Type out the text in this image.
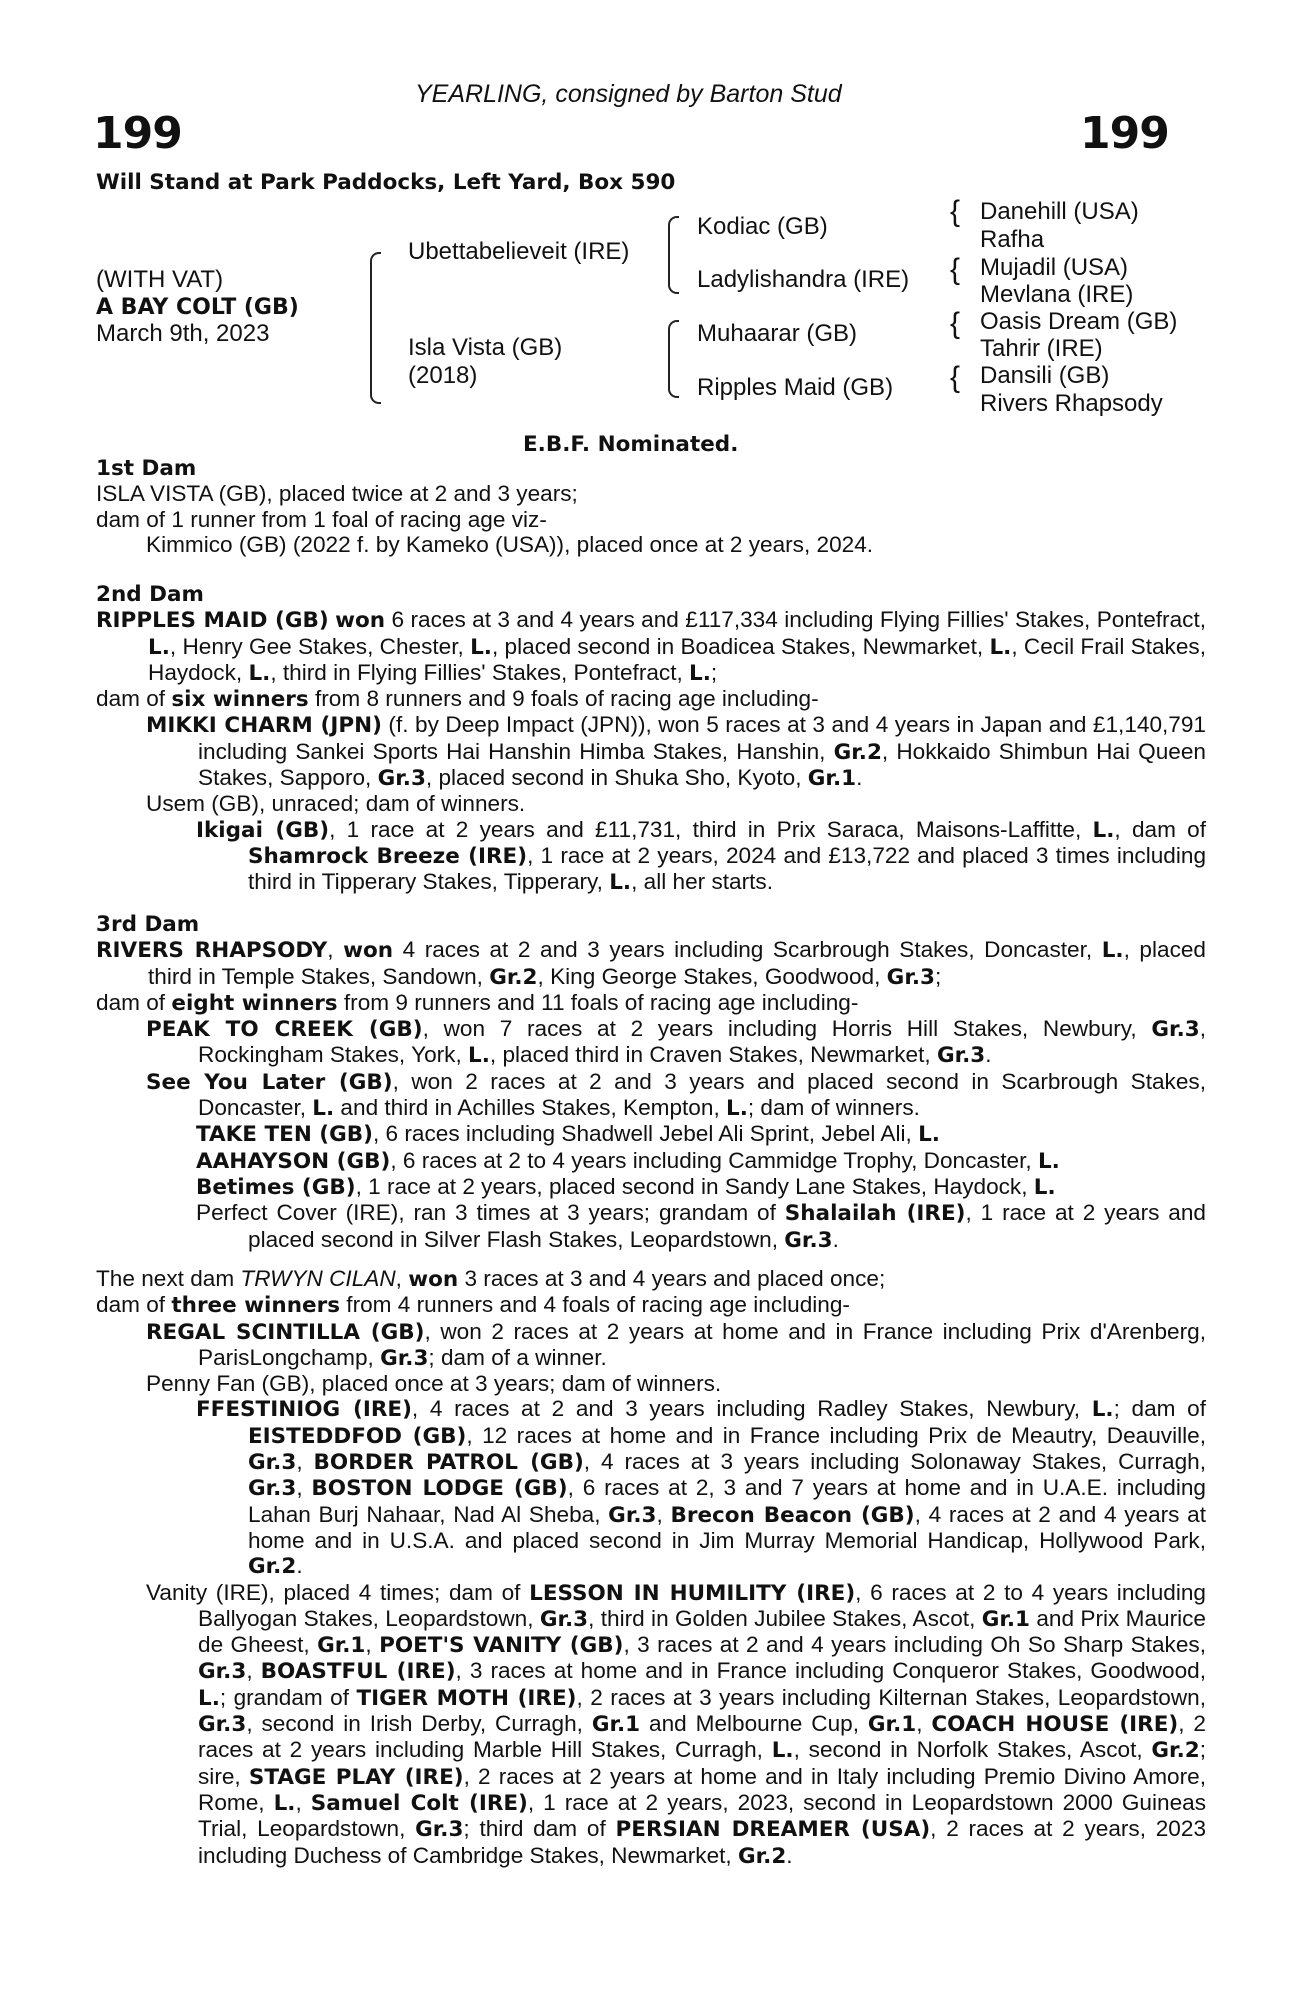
YEARLING, consigned by Barton Stud
199	199
Will Stand at Park Paddocks, Left Yard, Box 590
(WITH VAT)
A BAY COLT (GB)
March 9th, 2023
Ubettabelieveit (IRE)
Isla Vista (GB)
(2018)
Kodiac (GB)
Ladylishandra (IRE)
Muhaarar (GB)
Ripples Maid (GB)
{
{
{
{
Danehill (USA)
Rafha
Mujadil (USA)
Mevlana (IRE)
Oasis Dream (GB)
Tahrir (IRE)
Dansili (GB)
Rivers Rhapsody
E.B.F. Nominated.

1st Dam

ISLA VISTA (GB), placed twice at 2 and 3 years;

dam of 1 runner from 1 foal of racing age viz-

Kimmico (GB) (2022 f. by Kameko (USA)), placed once at 2 years, 2024.

2nd Dam

RIPPLES MAID (GB) won 6 races at 3 and 4 years and £117,334 including Flying Fillies' Stakes, Pontefract, L., Henry Gee Stakes, Chester, L., placed second in Boadicea Stakes, Newmarket, L., Cecil Frail Stakes, Haydock, L., third in Flying Fillies' Stakes, Pontefract, L.;

dam of six winners from 8 runners and 9 foals of racing age including-

MIKKI CHARM (JPN) (f. by Deep Impact (JPN)), won 5 races at 3 and 4 years in Japan and £1,140,791 including Sankei Sports Hai Hanshin Himba Stakes, Hanshin, Gr.2, Hokkaido Shimbun Hai Queen Stakes, Sapporo, Gr.3, placed second in Shuka Sho, Kyoto, Gr.1.

Usem (GB), unraced; dam of winners.

Ikigai (GB), 1 race at 2 years and £11,731, third in Prix Saraca, Maisons-Laffitte, L., dam of Shamrock Breeze (IRE), 1 race at 2 years, 2024 and £13,722 and placed 3 times including third in Tipperary Stakes, Tipperary, L., all her starts.

3rd Dam

RIVERS RHAPSODY, won 4 races at 2 and 3 years including Scarbrough Stakes, Doncaster, L., placed third in Temple Stakes, Sandown, Gr.2, King George Stakes, Goodwood, Gr.3;

dam of eight winners from 9 runners and 11 foals of racing age including-

PEAK TO CREEK (GB), won 7 races at 2 years including Horris Hill Stakes, Newbury, Gr.3, Rockingham Stakes, York, L., placed third in Craven Stakes, Newmarket, Gr.3.

See You Later (GB), won 2 races at 2 and 3 years and placed second in Scarbrough Stakes, Doncaster, L. and third in Achilles Stakes, Kempton, L.; dam of winners.

TAKE TEN (GB), 6 races including Shadwell Jebel Ali Sprint, Jebel Ali, L.

AAHAYSON (GB), 6 races at 2 to 4 years including Cammidge Trophy, Doncaster, L.

Betimes (GB), 1 race at 2 years, placed second in Sandy Lane Stakes, Haydock, L.

Perfect Cover (IRE), ran 3 times at 3 years; grandam of Shalailah (IRE), 1 race at 2 years and placed second in Silver Flash Stakes, Leopardstown, Gr.3.

The next dam TRWYN CILAN, won 3 races at 3 and 4 years and placed once;

dam of three winners from 4 runners and 4 foals of racing age including-

REGAL SCINTILLA (GB), won 2 races at 2 years at home and in France including Prix d'Arenberg, ParisLongchamp, Gr.3; dam of a winner.

Penny Fan (GB), placed once at 3 years; dam of winners.

FFESTINIOG (IRE), 4 races at 2 and 3 years including Radley Stakes, Newbury, L.; dam of EISTEDDFOD (GB), 12 races at home and in France including Prix de Meautry, Deauville, Gr.3, BORDER PATROL (GB), 4 races at 3 years including Solonaway Stakes, Curragh, Gr.3, BOSTON LODGE (GB), 6 races at 2, 3 and 7 years at home and in U.A.E. including Lahan Burj Nahaar, Nad Al Sheba, Gr.3, Brecon Beacon (GB), 4 races at 2 and 4 years at home and in U.S.A. and placed second in Jim Murray Memorial Handicap, Hollywood Park, Gr.2.

Vanity (IRE), placed 4 times; dam of LESSON IN HUMILITY (IRE), 6 races at 2 to 4 years including Ballyogan Stakes, Leopardstown, Gr.3, third in Golden Jubilee Stakes, Ascot, Gr.1 and Prix Maurice de Gheest, Gr.1, POET'S VANITY (GB), 3 races at 2 and 4 years including Oh So Sharp Stakes, Gr.3, BOASTFUL (IRE), 3 races at home and in France including Conqueror Stakes, Goodwood, L.; grandam of TIGER MOTH (IRE), 2 races at 3 years including Kilternan Stakes, Leopardstown, Gr.3, second in Irish Derby, Curragh, Gr.1 and Melbourne Cup, Gr.1, COACH HOUSE (IRE), 2 races at 2 years including Marble Hill Stakes, Curragh, L., second in Norfolk Stakes, Ascot, Gr.2; sire, STAGE PLAY (IRE), 2 races at 2 years at home and in Italy including Premio Divino Amore, Rome, L., Samuel Colt (IRE), 1 race at 2 years, 2023, second in Leopardstown 2000 Guineas Trial, Leopardstown, Gr.3; third dam of PERSIAN DREAMER (USA), 2 races at 2 years, 2023 including Duchess of Cambridge Stakes, Newmarket, Gr.2.
